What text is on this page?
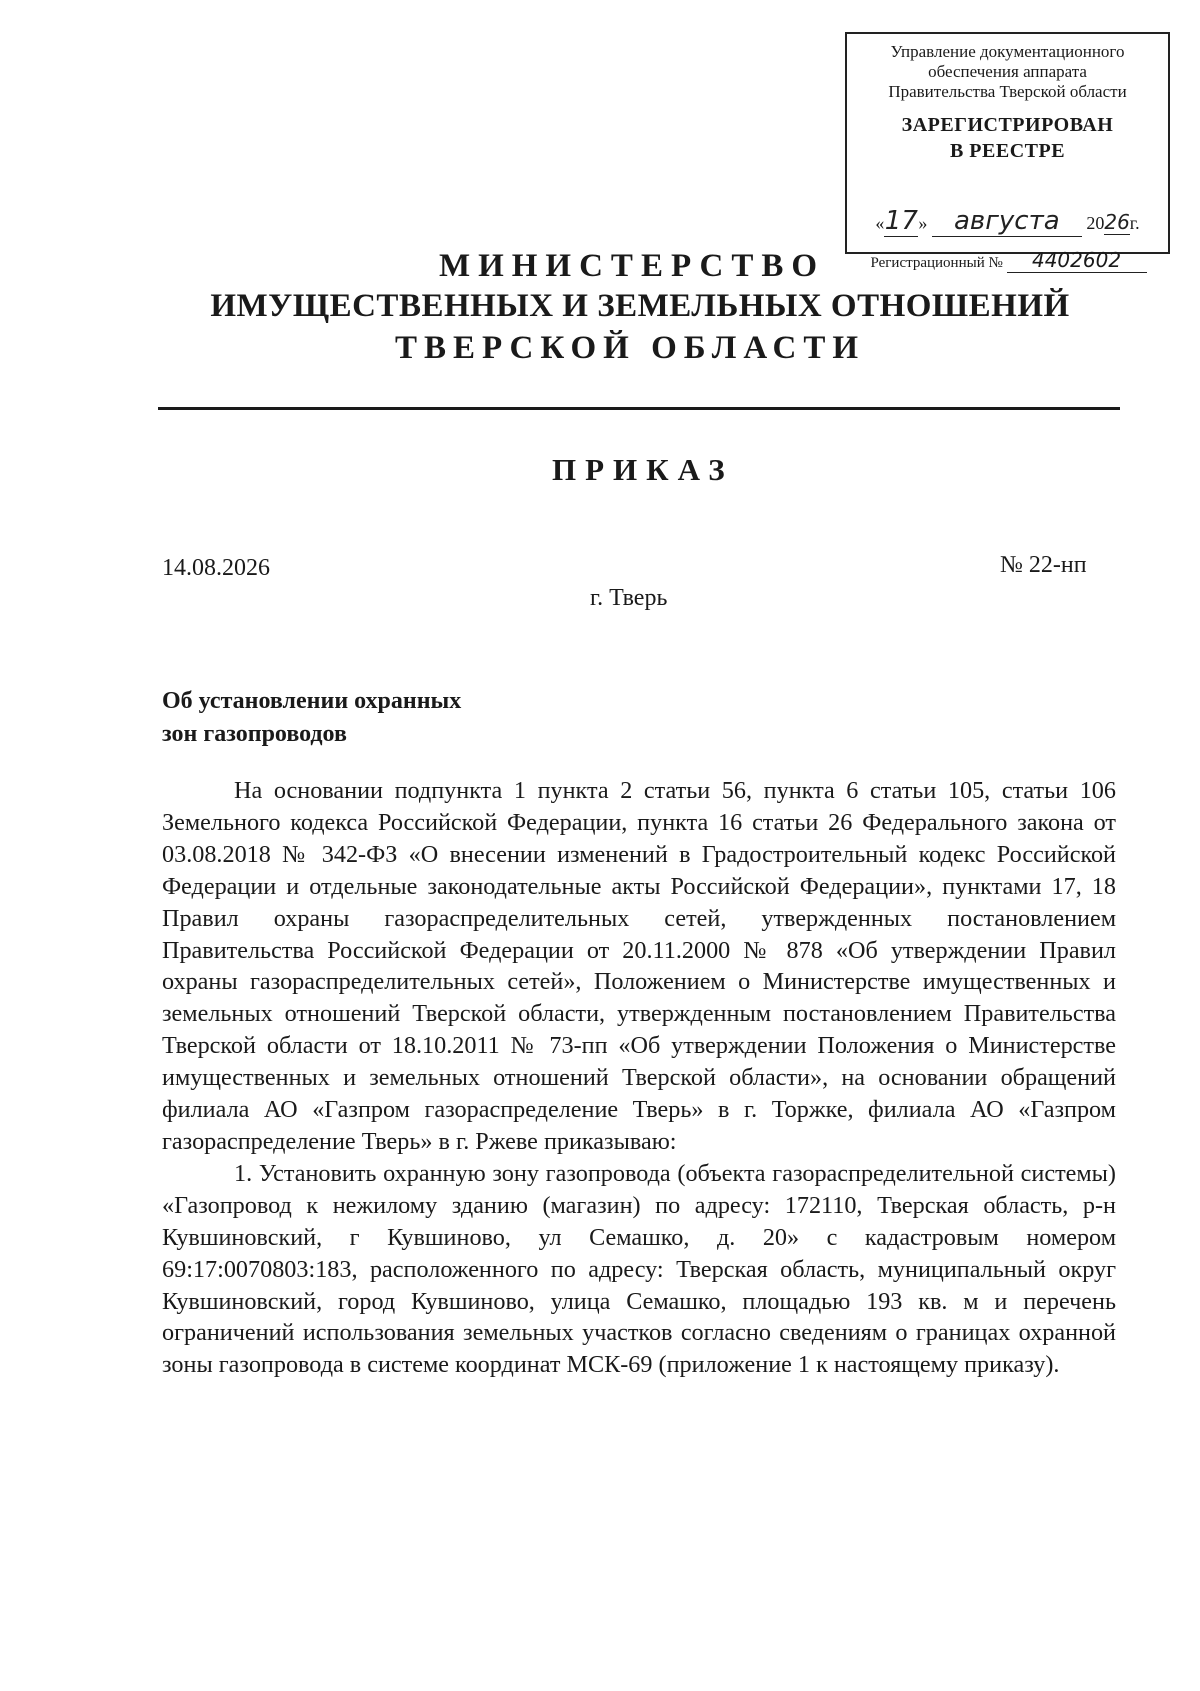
Управление документационного
обеспечения аппарата
Правительства Тверской области
ЗАРЕГИСТРИРОВАН
В РЕЕСТРЕ
«17» августа 2026г.
Регистрационный № 4402602
МИНИСТЕРСТВО
ИМУЩЕСТВЕННЫХ И ЗЕМЕЛЬНЫХ ОТНОШЕНИЙ
ТВЕРСКОЙ ОБЛАСТИ
ПРИКАЗ
14.08.2026	№ 22-нп
г. Тверь
Об установлении охранных
зон газопроводов

На основании подпункта 1 пункта 2 статьи 56, пункта 6 статьи 105, статьи 106 Земельного кодекса Российской Федерации, пункта 16 статьи 26 Федерального закона от 03.08.2018 № 342-ФЗ «О внесении изменений в Градостроительный кодекс Российской Федерации и отдельные законодательные акты Российской Федерации», пунктами 17, 18 Правил охраны газораспределительных сетей, утвержденных постановлением Правительства Российской Федерации от 20.11.2000 № 878 «Об утверждении Правил охраны газораспределительных сетей», Положением о Министерстве имущественных и земельных отношений Тверской области, утвержденным постановлением Правительства Тверской области от 18.10.2011 № 73-пп «Об утверждении Положения о Министерстве имущественных и земельных отношений Тверской области», на основании обращений филиала АО «Газпром газораспределение Тверь» в г. Торжке, филиала АО «Газпром газораспределение Тверь» в г. Ржеве приказываю:

1. Установить охранную зону газопровода (объекта газораспределительной системы) «Газопровод к нежилому зданию (магазин) по адресу: 172110, Тверская область, р-н Кувшиновский, г Кувшиново, ул Семашко, д. 20» с кадастровым номером 69:17:0070803:183, расположенного по адресу: Тверская область, муниципальный округ Кувшиновский, город Кувшиново, улица Семашко, площадью 193 кв. м и перечень ограничений использования земельных участков согласно сведениям о границах охранной зоны газопровода в системе координат МСК-69 (приложение 1 к настоящему приказу).
